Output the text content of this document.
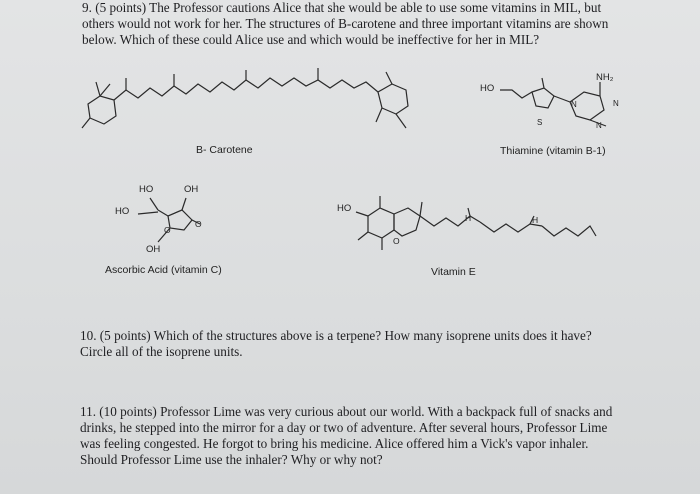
9. (5 points) The Professor cautions Alice that she would be able to use some vitamins in MIL, but others would not work for her. The structures of B-carotene and three important vitamins are shown below. Which of these could Alice use and which would be ineffective for her in MIL?
HO
NH₂
N	N
N
S
B- Carotene	Thiamine (vitamin B-1)
HO	OH
HO
O
O
OH
HO
O
H	H
Ascorbic Acid (vitamin C)	Vitamin E
10. (5 points) Which of the structures above is a terpene? How many isoprene units does it have? Circle all of the isoprene units.
11. (10 points) Professor Lime was very curious about our world. With a backpack full of snacks and drinks, he stepped into the mirror for a day or two of adventure. After several hours, Professor Lime was feeling congested. He forgot to bring his medicine. Alice offered him a Vick's vapor inhaler. Should Professor Lime use the inhaler? Why or why not?
